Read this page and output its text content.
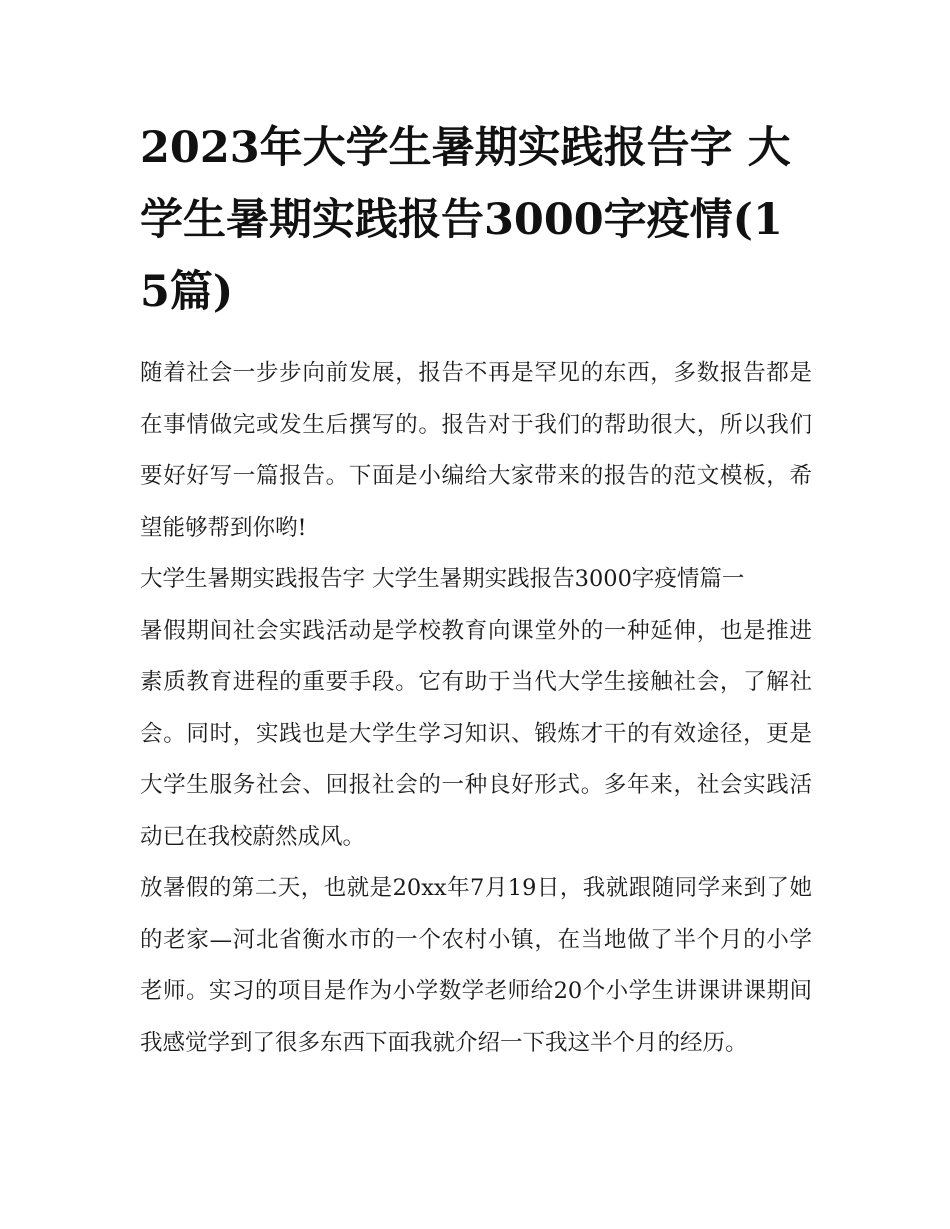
2023年大学生暑期实践报告字 大学生暑期实践报告3000字疫情(15篇)

随着社会一步步向前发展，报告不再是罕见的东西，多数报告都是在事情做完或发生后撰写的。报告对于我们的帮助很大，所以我们要好好写一篇报告。下面是小编给大家带来的报告的范文模板，希望能够帮到你哟!

大学生暑期实践报告字 大学生暑期实践报告3000字疫情篇一

暑假期间社会实践活动是学校教育向课堂外的一种延伸，也是推进素质教育进程的重要手段。它有助于当代大学生接触社会，了解社会。同时，实践也是大学生学习知识、锻炼才干的有效途径，更是大学生服务社会、回报社会的一种良好形式。多年来，社会实践活动已在我校蔚然成风。

放暑假的第二天，也就是20xx年7月19日，我就跟随同学来到了她的老家—河北省衡水市的一个农村小镇，在当地做了半个月的小学老师。实习的项目是作为小学数学老师给20个小学生讲课讲课期间我感觉学到了很多东西下面我就介绍一下我这半个月的经历。
